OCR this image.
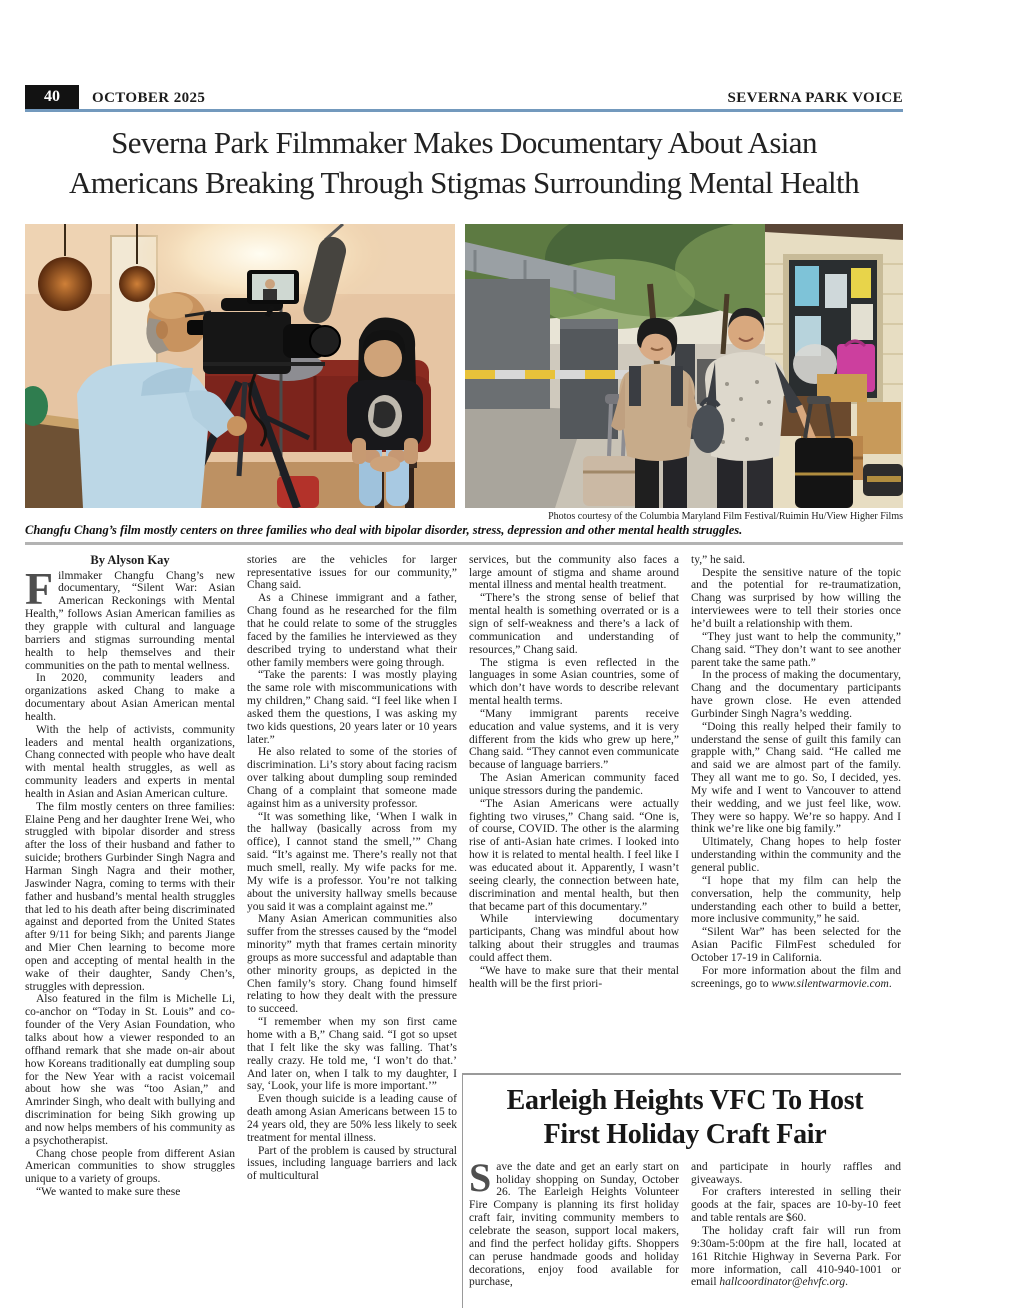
40	OCTOBER 2025	SEVERNA PARK VOICE
Severna Park Filmmaker Makes Documentary About Asian
Americans Breaking Through Stigmas Surrounding Mental Health
Photos courtesy of the Columbia Maryland Film Festival/Ruimin Hu/View Higher Films
Changfu Chang’s film mostly centers on three families who deal with bipolar disorder, stress, depression and other mental health struggles.

By Alyson Kay

Filmmaker Changfu Chang’s new documentary, “Silent War: Asian American Reckonings with Mental Health,” follows Asian American families as they grapple with cultural and language barriers and stigmas surrounding mental health to help themselves and their communities on the path to mental wellness.

In 2020, community leaders and organizations asked Chang to make a documentary about Asian American mental health.

With the help of activists, community leaders and mental health organizations, Chang connected with people who have dealt with mental health struggles, as well as community leaders and experts in mental health in Asian and Asian American culture.

The film mostly centers on three families: Elaine Peng and her daughter Irene Wei, who struggled with bipolar disorder and stress after the loss of their husband and father to suicide; brothers Gurbinder Singh Nagra and Harman Singh Nagra and their mother, Jaswinder Nagra, coming to terms with their father and husband’s mental health struggles that led to his death after being discriminated against and deported from the United States after 9/11 for being Sikh; and parents Jiange and Mier Chen learning to become more open and accepting of mental health in the wake of their daughter, Sandy Chen’s, struggles with depression.

Also featured in the film is Michelle Li, co-anchor on “Today in St. Louis” and co-founder of the Very Asian Foundation, who talks about how a viewer responded to an offhand remark that she made on-air about how Koreans traditionally eat dumpling soup for the New Year with a racist voicemail about how she was “too Asian,” and Amrinder Singh, who dealt with bullying and discrimination for being Sikh growing up and now helps members of his community as a psychotherapist.

Chang chose people from different Asian American communities to show struggles unique to a variety of groups.

“We wanted to make sure these

stories are the vehicles for larger representative issues for our community,” Chang said.

As a Chinese immigrant and a father, Chang found as he researched for the film that he could relate to some of the struggles faced by the families he interviewed as they described trying to understand what their other family members were going through.

“Take the parents: I was mostly playing the same role with miscommunications with my children,” Chang said. “I feel like when I asked them the questions, I was asking my two kids questions, 20 years later or 10 years later.”

He also related to some of the stories of discrimination. Li’s story about facing racism over talking about dumpling soup reminded Chang of a complaint that someone made against him as a university professor.

“It was something like, ‘When I walk in the hallway (basically across from my office), I cannot stand the smell,’” Chang said. “It’s against me. There’s really not that much smell, really. My wife packs for me. My wife is a professor. You’re not talking about the university hallway smells because you said it was a complaint against me.”

Many Asian American communities also suffer from the stresses caused by the “model minority” myth that frames certain minority groups as more successful and adaptable than other minority groups, as depicted in the Chen family’s story. Chang found himself relating to how they dealt with the pressure to succeed.

“I remember when my son first came home with a B,” Chang said. “I got so upset that I felt like the sky was falling. That’s really crazy. He told me, ‘I won’t do that.’ And later on, when I talk to my daughter, I say, ‘Look, your life is more important.’”

Even though suicide is a leading cause of death among Asian Americans between 15 to 24 years old, they are 50% less likely to seek treatment for mental illness.

Part of the problem is caused by structural issues, including language barriers and lack of multicultural

services, but the community also faces a large amount of stigma and shame around mental illness and mental health treatment.

“There’s the strong sense of belief that mental health is something overrated or is a sign of self-weakness and there’s a lack of communication and understanding of resources,” Chang said.

The stigma is even reflected in the languages in some Asian countries, some of which don’t have words to describe relevant mental health terms.

“Many immigrant parents receive education and value systems, and it is very different from the kids who grew up here,” Chang said. “They cannot even communicate because of language barriers.”

The Asian American community faced unique stressors during the pandemic.

“The Asian Americans were actually fighting two viruses,” Chang said. “One is, of course, COVID. The other is the alarming rise of anti-Asian hate crimes. I looked into how it is related to mental health. I feel like I was educated about it. Apparently, I wasn’t seeing clearly, the connection between hate, discrimination and mental health, but then that became part of this documentary.”

While interviewing documentary participants, Chang was mindful about how talking about their struggles and traumas could affect them.

“We have to make sure that their mental health will be the first priori-

ty,” he said.

Despite the sensitive nature of the topic and the potential for re-traumatization, Chang was surprised by how willing the interviewees were to tell their stories once he’d built a relationship with them.

“They just want to help the community,” Chang said. “They don’t want to see another parent take the same path.”

In the process of making the documentary, Chang and the documentary participants have grown close. He even attended Gurbinder Singh Nagra’s wedding.

“Doing this really helped their family to understand the sense of guilt this family can grapple with,” Chang said. “He called me and said we are almost part of the family. They all want me to go. So, I decided, yes. My wife and I went to Vancouver to attend their wedding, and we just feel like, wow. They were so happy. We’re so happy. And I think we’re like one big family.”

Ultimately, Chang hopes to help foster understanding within the community and the general public.

“I hope that my film can help the conversation, help the community, help understanding each other to build a better, more inclusive community,” he said.

“Silent War” has been selected for the Asian Pacific FilmFest scheduled for October 17-19 in California.

For more information about the film and screenings, go to www.silentwarmovie.com.

Earleigh Heights VFC To Host
First Holiday Craft Fair

Save the date and get an early start on holiday shopping on Sunday, October 26. The Earleigh Heights Volunteer Fire Company is planning its first holiday craft fair, inviting community members to celebrate the season, support local makers, and find the perfect holiday gifts. Shoppers can peruse handmade goods and holiday decorations, enjoy food available for purchase,

and participate in hourly raffles and giveaways.

For crafters interested in selling their goods at the fair, spaces are 10-by-10 feet and table rentals are $60.

The holiday craft fair will run from 9:30am-5:00pm at the fire hall, located at 161 Ritchie Highway in Severna Park. For more information, call 410-940-1001 or email hallcoordinator@ehvfc.org.
